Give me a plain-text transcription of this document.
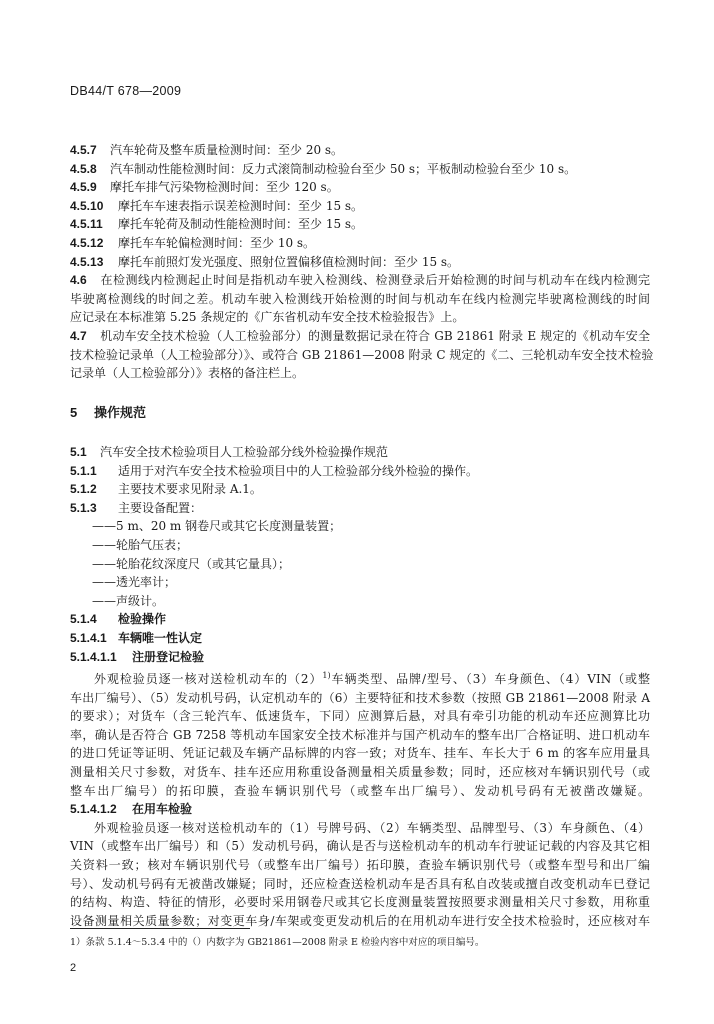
DB44/T 678—2009
4.5.7 汽车轮荷及整车质量检测时间：至少 20 s。
4.5.8 汽车制动性能检测时间：反力式滚筒制动检验台至少 50 s；平板制动检验台至少 10 s。
4.5.9 摩托车排气污染物检测时间：至少 120 s。
4.5.10 摩托车车速表指示误差检测时间：至少 15 s。
4.5.11 摩托车轮荷及制动性能检测时间：至少 15 s。
4.5.12 摩托车车轮偏检测时间：至少 10 s。
4.5.13 摩托车前照灯发光强度、照射位置偏移值检测时间：至少 15 s。
4.6 在检测线内检测起止时间是指机动车驶入检测线、检测登录后开始检测的时间与机动车在线内检测完
毕驶离检测线的时间之差。机动车驶入检测线开始检测的时间与机动车在线内检测完毕驶离检测线的时间
应记录在本标准第 5.25 条规定的《广东省机动车安全技术检验报告》上。
4.7 机动车安全技术检验（人工检验部分）的测量数据记录在符合 GB 21861 附录 E 规定的《机动车安全
技术检验记录单（人工检验部分）》、或符合 GB 21861—2008 附录 C 规定的《二、三轮机动车安全技术检验
记录单（人工检验部分）》表格的备注栏上。
5 操作规范
5.1 汽车安全技术检验项目人工检验部分线外检验操作规范
5.1.1 适用于对汽车安全技术检验项目中的人工检验部分线外检验的操作。
5.1.2 主要技术要求见附录 A.1。
5.1.3 主要设备配置：
——5 m、20 m 钢卷尺或其它长度测量装置；
——轮胎气压表；
——轮胎花纹深度尺（或其它量具）；
——透光率计；
——声级计。
5.1.4 检验操作
5.1.4.1 车辆唯一性认定
5.1.4.1.1 注册登记检验
外观检验员逐一核对送检机动车的$(2)^{1)}$车辆类型、品牌/型号、（3）车身颜色、（4）VIN（或整
车出厂编号）、（5）发动机号码，认定机动车的（6）主要特征和技术参数（按照 GB 21861—2008 附录 A
的要求）；对货车（含三轮汽车、低速货车，下同）应测算后悬，对具有牵引功能的机动车还应测算比功
率，确认是否符合 GB 7258 等机动车国家安全技术标准并与国产机动车的整车出厂合格证明、进口机动车
的进口凭证等证明、凭证记载及车辆产品标牌的内容一致；对货车、挂车、车长大于 6 m 的客车应用量具
测量相关尺寸参数，对货车、挂车还应用称重设备测量相关质量参数；同时，还应核对车辆识别代号（或
整车出厂编号）的拓印膜，查验车辆识别代号（或整车出厂编号）、发动机号码有无被凿改嫌疑。
5.1.4.1.2 在用车检验
外观检验员逐一核对送检机动车的（1）号牌号码、（2）车辆类型、品牌型号、（3）车身颜色、（4）
VIN（或整车出厂编号）和（5）发动机号码，确认是否与送检机动车的机动车行驶证记载的内容及其它相
关资料一致；核对车辆识别代号（或整车出厂编号）拓印膜，查验车辆识别代号（或整车型号和出厂编
号）、发动机号码有无被凿改嫌疑；同时，还应检查送检机动车是否具有私自改装或擅自改变机动车已登记
的结构、构造、特征的情形，必要时采用钢卷尺或其它长度测量装置按照要求测量相关尺寸参数，用称重
设备测量相关质量参数；对变更车身/车架或变更发动机后的在用机动车进行安全技术检验时，还应核对车
1）条款 5.1.4～5.3.4 中的（）内数字为 GB21861—2008 附录 E 检验内容中对应的项目编号。
2
